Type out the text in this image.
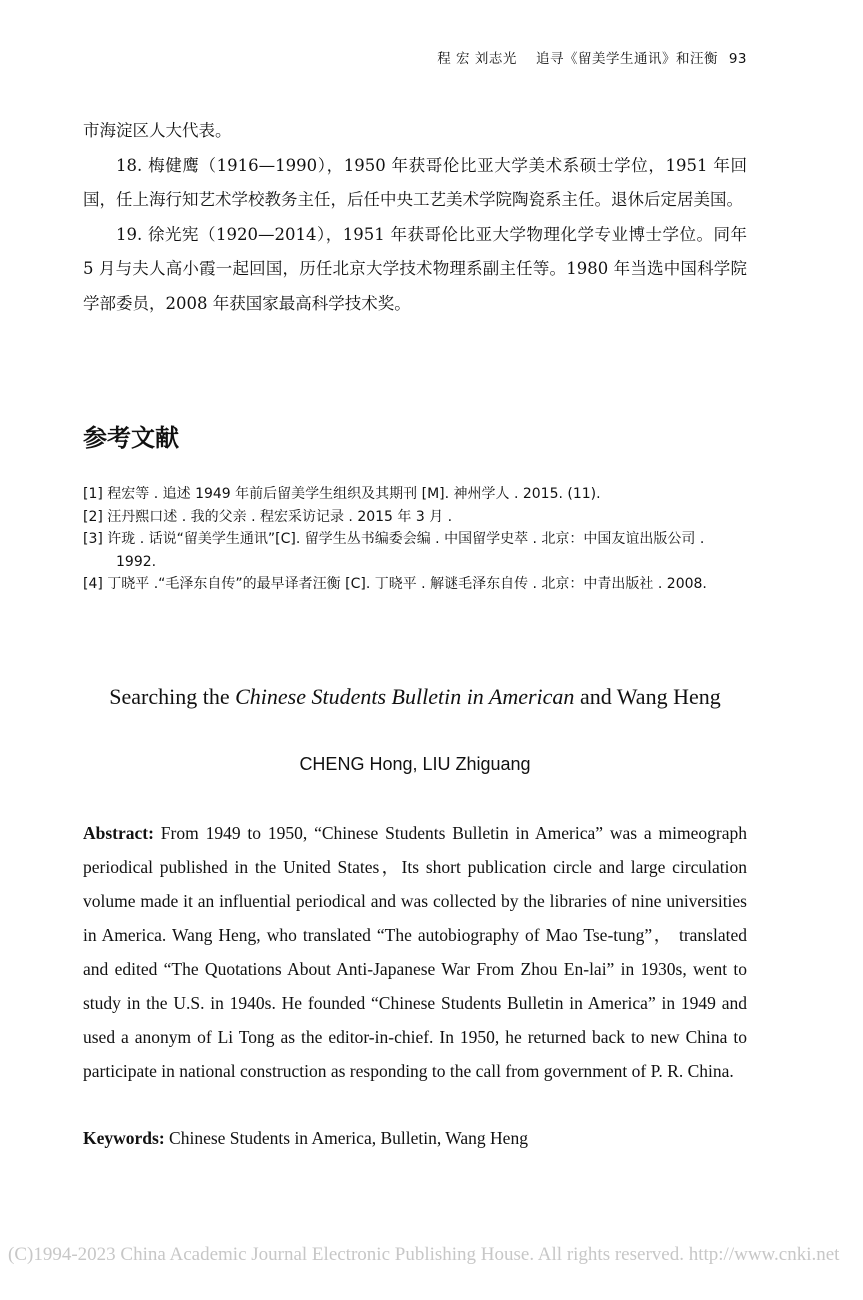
程 宏 刘志光 追寻《留美学生通讯》和汪衡 93

市海淀区人大代表。

18. 梅健鹰（1916—1990），1950 年获哥伦比亚大学美术系硕士学位，1951 年回国，任上海行知艺术学校教务主任，后任中央工艺美术学院陶瓷系主任。退休后定居美国。

19. 徐光宪（1920—2014），1951 年获哥伦比亚大学物理化学专业博士学位。同年 5 月与夫人高小霞一起回国，历任北京大学技术物理系副主任等。1980 年当选中国科学院学部委员，2008 年获国家最高科学技术奖。

参考文献
[1] 程宏等 . 追述 1949 年前后留美学生组织及其期刊 [M]. 神州学人 . 2015. (11).
[2] 汪丹熙口述 . 我的父亲 . 程宏采访记录 . 2015 年 3 月 .
[3] 许珑 . 话说“留美学生通讯”[C]. 留学生丛书编委会编 . 中国留学史萃 . 北京：中国友谊出版公司 . 1992.
[4] 丁晓平 .“毛泽东自传”的最早译者汪衡 [C]. 丁晓平 . 解谜毛泽东自传 . 北京：中青出版社 . 2008.
Searching the Chinese Students Bulletin in American and Wang Heng
CHENG Hong, LIU Zhiguang

Abstract: From 1949 to 1950, “Chinese Students Bulletin in America” was a mimeograph periodical published in the United States，Its short publication circle and large circulation volume made it an influential periodical and was collected by the libraries of nine universities in America. Wang Heng, who translated “The autobiography of Mao Tse-tung”， translated and edited “The Quotations About Anti-Japanese War From Zhou En-lai” in 1930s, went to study in the U.S. in 1940s. He founded “Chinese Students Bulletin in America” in 1949 and used a anonym of Li Tong as the editor-in-chief. In 1950, he returned back to new China to participate in national construction as responding to the call from government of P. R. China.

Keywords: Chinese Students in America, Bulletin, Wang Heng

(C)1994-2023 China Academic Journal Electronic Publishing House. All rights reserved. http://www.cnki.net
